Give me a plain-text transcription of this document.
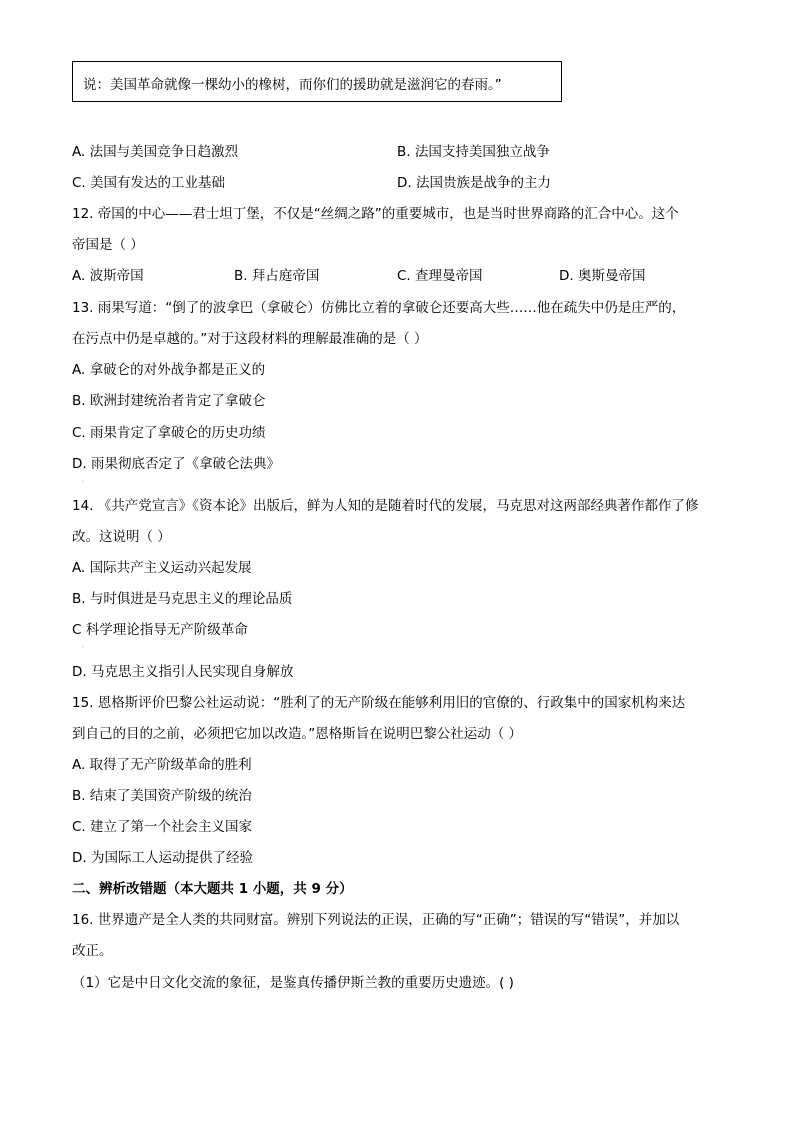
说：美国革命就像一棵幼小的橡树，而你们的援助就是滋润它的春雨。”
A. 法国与美国竞争日趋激烈	B. 法国支持美国独立战争
C. 美国有发达的工业基础	D. 法国贵族是战争的主力
12. 帝国的中心——君士坦丁堡，不仅是“丝绸之路”的重要城市，也是当时世界商路的汇合中心。这个
帝国是（ ）
A. 波斯帝国	B. 拜占庭帝国	C. 查理曼帝国	D. 奥斯曼帝国
13. 雨果写道：“倒了的波拿巴（拿破仑）仿佛比立着的拿破仑还要高大些……他在疏失中仍是庄严的，
在污点中仍是卓越的。”对于这段材料的理解最准确的是（ ）
A. 拿破仑的对外战争都是正义的
B. 欧洲封建统治者肯定了拿破仑
C. 雨果肯定了拿破仑的历史功绩
D. 雨果彻底否定了《拿破仑法典》
.
14. 《共产党宣言》《资本论》出版后，鲜为人知的是随着时代的发展，马克思对这两部经典著作都作了修
改。这说明（ ）
A. 国际共产主义运动兴起发展
B. 与时俱进是马克思主义的理论品质
C 科学理论指导无产阶级革命
.
D. 马克思主义指引人民实现自身解放
15. 恩格斯评价巴黎公社运动说：“胜利了的无产阶级在能够利用旧的官僚的、行政集中的国家机构来达
到自己的目的之前，必须把它加以改造。”恩格斯旨在说明巴黎公社运动（ ）
A. 取得了无产阶级革命的胜利
B. 结束了美国资产阶级的统治
C. 建立了第一个社会主义国家
D. 为国际工人运动提供了经验
二、辨析改错题（本大题共 1 小题，共 9 分）
16. 世界遗产是全人类的共同财富。辨别下列说法的正误，正确的写“正确”；错误的写“错误”，并加以
改正。
（1）它是中日文化交流的象征，是鉴真传播伊斯兰教的重要历史遗迹。( )
